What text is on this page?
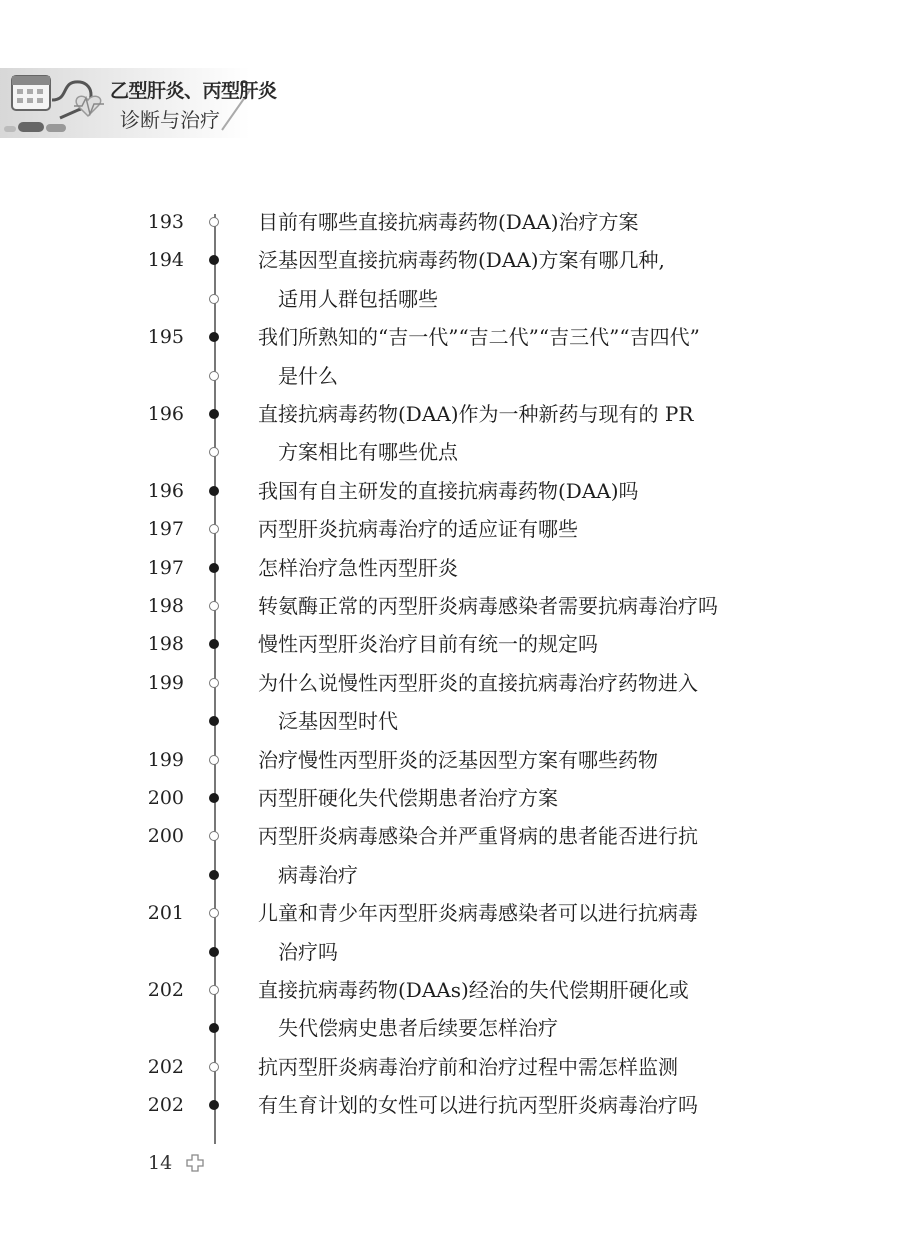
乙型肝炎、丙型肝炎
诊断与治疗
193	目前有哪些直接抗病毒药物(DAA)治疗方案
194	泛基因型直接抗病毒药物(DAA)方案有哪几种,
适用人群包括哪些
195	我们所熟知的“吉一代”“吉二代”“吉三代”“吉四代”
是什么
196	直接抗病毒药物(DAA)作为一种新药与现有的 PR
方案相比有哪些优点
196	我国有自主研发的直接抗病毒药物(DAA)吗
197	丙型肝炎抗病毒治疗的适应证有哪些
197	怎样治疗急性丙型肝炎
198	转氨酶正常的丙型肝炎病毒感染者需要抗病毒治疗吗
198	慢性丙型肝炎治疗目前有统一的规定吗
199	为什么说慢性丙型肝炎的直接抗病毒治疗药物进入
泛基因型时代
199	治疗慢性丙型肝炎的泛基因型方案有哪些药物
200	丙型肝硬化失代偿期患者治疗方案
200	丙型肝炎病毒感染合并严重肾病的患者能否进行抗
病毒治疗
201	儿童和青少年丙型肝炎病毒感染者可以进行抗病毒
治疗吗
202	直接抗病毒药物(DAAs)经治的失代偿期肝硬化或
失代偿病史患者后续要怎样治疗
202	抗丙型肝炎病毒治疗前和治疗过程中需怎样监测
202	有生育计划的女性可以进行抗丙型肝炎病毒治疗吗
14
